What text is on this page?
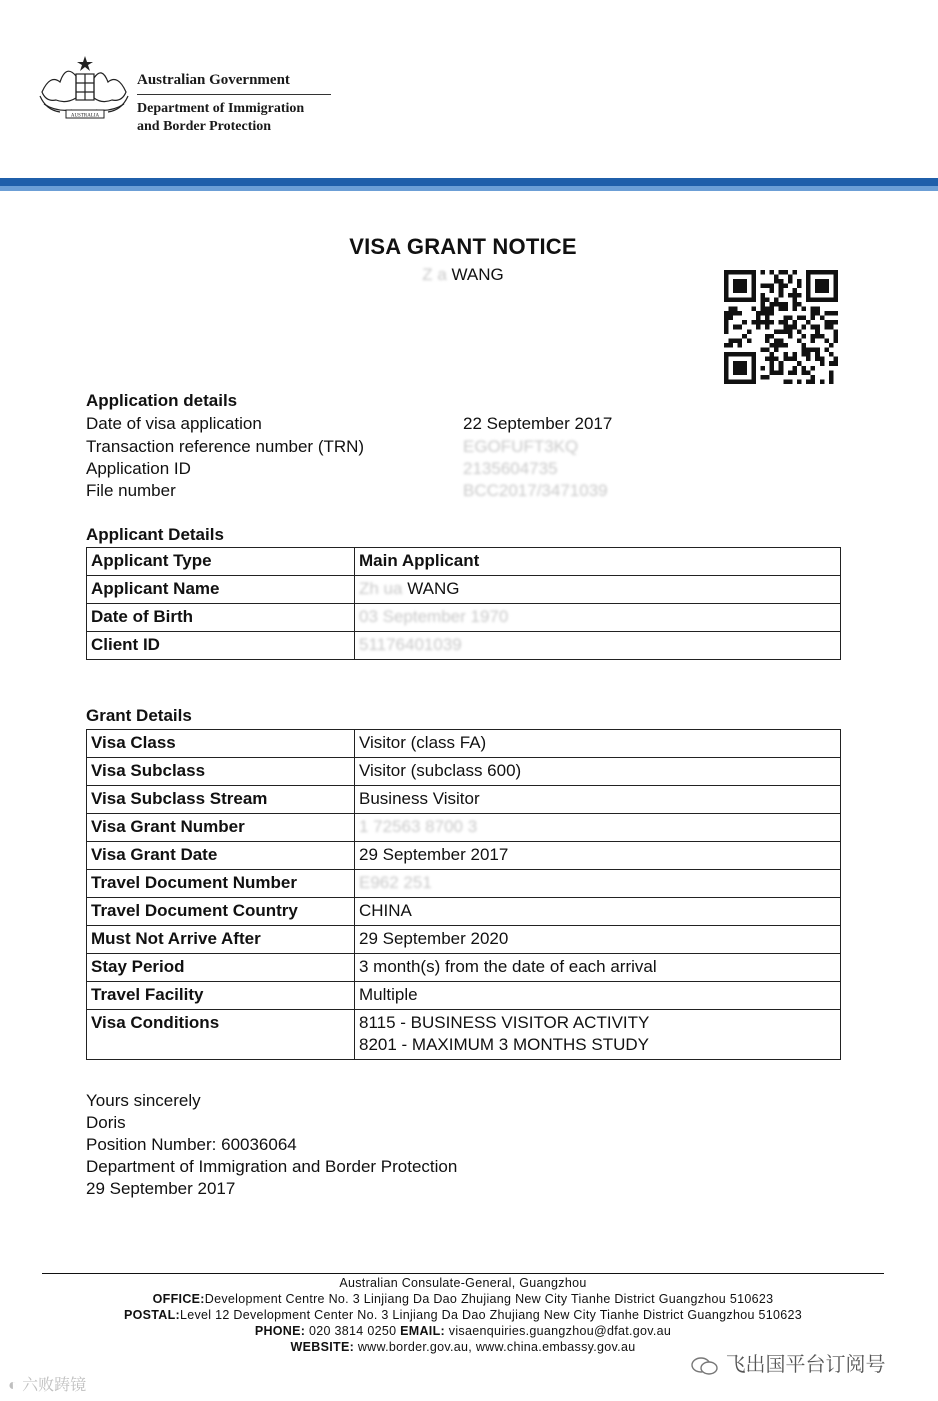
AUSTRALIA
Australian Government
Department of Immigration
and Border Protection
VISA GRANT NOTICE
Z a WANG
Application details
Date of visa application	22 September 2017
Transaction reference number (TRN)	EGOFUFT3KQ
Application ID	2135604735
File number	BCC2017/3471039
Applicant Details
Applicant Type	Main Applicant
Applicant Name	Zh ua WANG
Date of Birth	03 September 1970
Client ID	51176401039
Grant Details
Visa Class	Visitor (class FA)
Visa Subclass	Visitor (subclass 600)
Visa Subclass Stream	Business Visitor
Visa Grant Number	1 72563 8700 3
Visa Grant Date	29 September 2017
Travel Document Number	E962 251
Travel Document Country	CHINA
Must Not Arrive After	29 September 2020
Stay Period	3 month(s) from the date of each arrival
Travel Facility	Multiple
Visa Conditions	8115 - BUSINESS VISITOR ACTIVITY
8201 - MAXIMUM 3 MONTHS STUDY
Yours sincerely
Doris
Position Number: 60036064
Department of Immigration and Border Protection
29 September 2017
Australian Consulate-General, Guangzhou
OFFICE:Development Centre No. 3 Linjiang Da Dao Zhujiang New City Tianhe District Guangzhou 510623
POSTAL:Level 12 Development Center No. 3 Linjiang Da Dao Zhujiang New City Tianhe District Guangzhou 510623
PHONE: 020 3814 0250 EMAIL: visaenquiries.guangzhou@dfat.gov.au
WEBSITE: www.border.gov.au, www.china.embassy.gov.au
◐ 六败踌镜
飞出国平台订阅号
